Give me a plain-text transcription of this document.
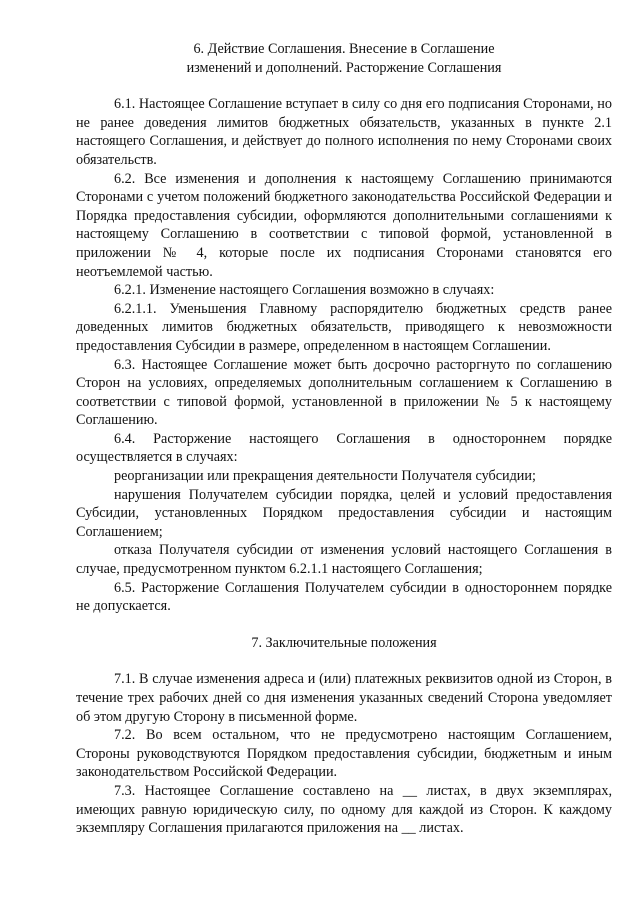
6. Действие Соглашения. Внесение в Соглашение
изменений и дополнений. Расторжение Соглашения

6.1. Настоящее Соглашение вступает в силу со дня его подписания Сторонами, но не ранее доведения лимитов бюджетных обязательств, указанных в пункте 2.1 настоящего Соглашения, и действует до полного исполнения по нему Сторонами своих обязательств.

6.2. Все изменения и дополнения к настоящему Соглашению принимаются Сторонами с учетом положений бюджетного законодательства Российской Федерации и Порядка предоставления субсидии, оформляются дополнительными соглашениями к настоящему Соглашению в соответствии с типовой формой, установленной в приложении № 4, которые после их подписания Сторонами становятся его неотъемлемой частью.

6.2.1. Изменение настоящего Соглашения возможно в случаях:

6.2.1.1. Уменьшения Главному распорядителю бюджетных средств ранее доведенных лимитов бюджетных обязательств, приводящего к невозможности предоставления Субсидии в размере, определенном в настоящем Соглашении.

6.3. Настоящее Соглашение может быть досрочно расторгнуто по соглашению Сторон на условиях, определяемых дополнительным соглашением к Соглашению в соответствии с типовой формой, установленной в приложении № 5 к настоящему Соглашению.

6.4. Расторжение настоящего Соглашения в одностороннем порядке осуществляется в случаях:

реорганизации или прекращения деятельности Получателя субсидии;

нарушения Получателем субсидии порядка, целей и условий предоставления Субсидии, установленных Порядком предоставления субсидии и настоящим Соглашением;

отказа Получателя субсидии от изменения условий настоящего Соглашения в случае, предусмотренном пунктом 6.2.1.1 настоящего Соглашения;

6.5. Расторжение Соглашения Получателем субсидии в одностороннем порядке не допускается.

7. Заключительные положения

7.1. В случае изменения адреса и (или) платежных реквизитов одной из Сторон, в течение трех рабочих дней со дня изменения указанных сведений Сторона уведомляет об этом другую Сторону в письменной форме.

7.2. Во всем остальном, что не предусмотрено настоящим Соглашением, Стороны руководствуются Порядком предоставления субсидии, бюджетным и иным законодательством Российской Федерации.

7.3. Настоящее Соглашение составлено на __ листах, в двух экземплярах, имеющих равную юридическую силу, по одному для каждой из Сторон. К каждому экземпляру Соглашения прилагаются приложения на __ листах.
